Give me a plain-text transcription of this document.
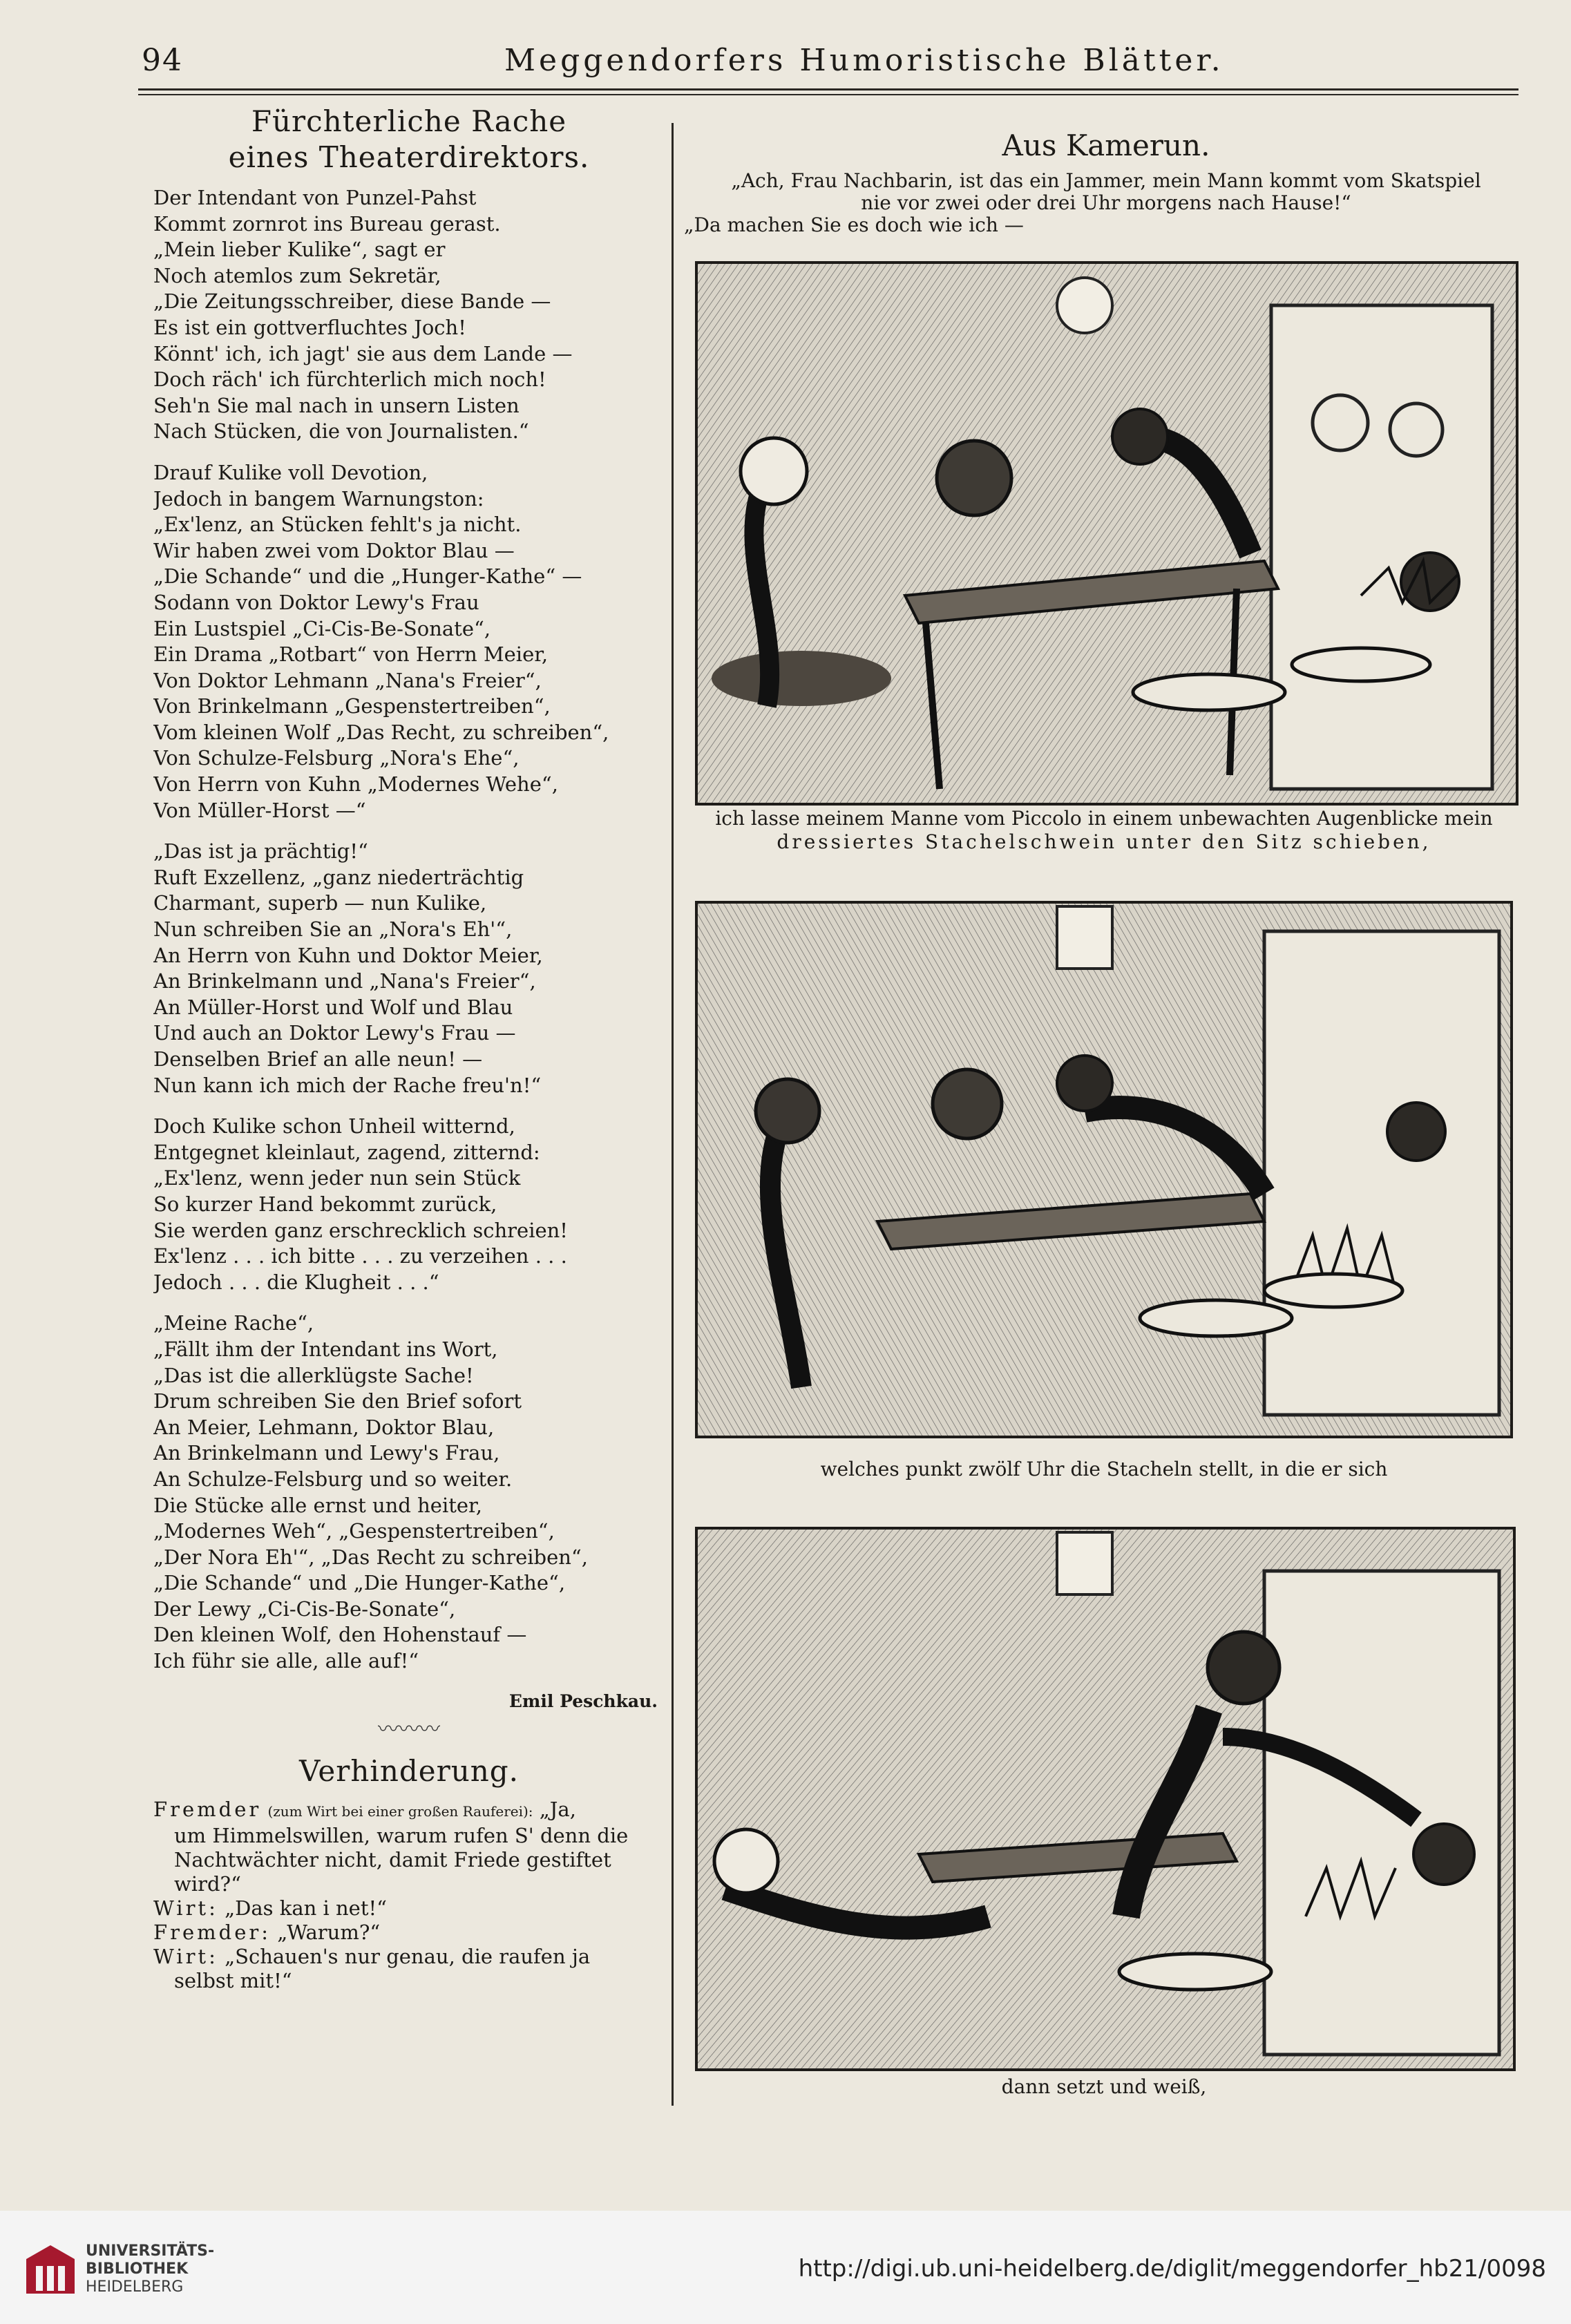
94	Meggendorfers Humoristische Blätter.
Fürchterliche Rache
eines Theaterdirektors.
Der Intendant von Punzel-Pahst
Kommt zornrot ins Bureau gerast.
„Mein lieber Kulike“, sagt er
Noch atemlos zum Sekretär,
„Die Zeitungsschreiber, diese Bande —
Es ist ein gottverfluchtes Joch!
Könnt' ich, ich jagt' sie aus dem Lande —
Doch räch' ich fürchterlich mich noch!
Seh'n Sie mal nach in unsern Listen
Nach Stücken, die von Journalisten.“
Drauf Kulike voll Devotion,
Jedoch in bangem Warnungston:
„Ex'lenz, an Stücken fehlt's ja nicht.
Wir haben zwei vom Doktor Blau —
„Die Schande“ und die „Hunger-Kathe“ —
Sodann von Doktor Lewy's Frau
Ein Lustspiel „Ci-Cis-Be-Sonate“,
Ein Drama „Rotbart“ von Herrn Meier,
Von Doktor Lehmann „Nana's Freier“,
Von Brinkelmann „Gespenstertreiben“,
Vom kleinen Wolf „Das Recht, zu schreiben“,
Von Schulze-Felsburg „Nora's Ehe“,
Von Herrn von Kuhn „Modernes Wehe“,
Von Müller-Horst —“
„Das ist ja prächtig!“
Ruft Exzellenz, „ganz niederträchtig
Charmant, superb — nun Kulike,
Nun schreiben Sie an „Nora's Eh'“,
An Herrn von Kuhn und Doktor Meier,
An Brinkelmann und „Nana's Freier“,
An Müller-Horst und Wolf und Blau
Und auch an Doktor Lewy's Frau —
Denselben Brief an alle neun! —
Nun kann ich mich der Rache freu'n!“
Doch Kulike schon Unheil witternd,
Entgegnet kleinlaut, zagend, zitternd:
„Ex'lenz, wenn jeder nun sein Stück
So kurzer Hand bekommt zurück,
Sie werden ganz erschrecklich schreien!
Ex'lenz . . . ich bitte . . . zu verzeihen . . .
Jedoch . . . die Klugheit . . .“
„Meine Rache“,
„Fällt ihm der Intendant ins Wort,
„Das ist die allerklügste Sache!
Drum schreiben Sie den Brief sofort
An Meier, Lehmann, Doktor Blau,
An Brinkelmann und Lewy's Frau,
An Schulze-Felsburg und so weiter.
Die Stücke alle ernst und heiter,
„Modernes Weh“, „Gespenstertreiben“,
„Der Nora Eh'“, „Das Recht zu schreiben“,
„Die Schande“ und „Die Hunger-Kathe“,
Der Lewy „Ci-Cis-Be-Sonate“,
Den kleinen Wolf, den Hohenstauf —
Ich führ sie alle, alle auf!“
Emil Peschkau.
〰〰〰
Verhinderung.
Fremder (zum Wirt bei einer großen Rauferei): „Ja,
um Himmelswillen, warum rufen S' denn die
Nachtwächter nicht, damit Friede gestiftet
wird?“
Wirt: „Das kan i net!“
Fremder: „Warum?“
Wirt: „Schauen's nur genau, die raufen ja
selbst mit!“
Aus Kamerun.
„Ach, Frau Nachbarin, ist das ein Jammer, mein Mann kommt vom Skatspiel
nie vor zwei oder drei Uhr morgens nach Hause!“
„Da machen Sie es doch wie ich —
ich lasse meinem Manne vom Piccolo in einem unbewachten Augenblicke mein
dressiertes Stachelschwein unter den Sitz schieben,
welches punkt zwölf Uhr die Stacheln stellt, in die er sich
dann setzt und weiß,
UNIVERSITÄTS-
BIBLIOTHEK
HEIDELBERG
http://digi.ub.uni-heidelberg.de/diglit/meggendorfer_hb21/0098
